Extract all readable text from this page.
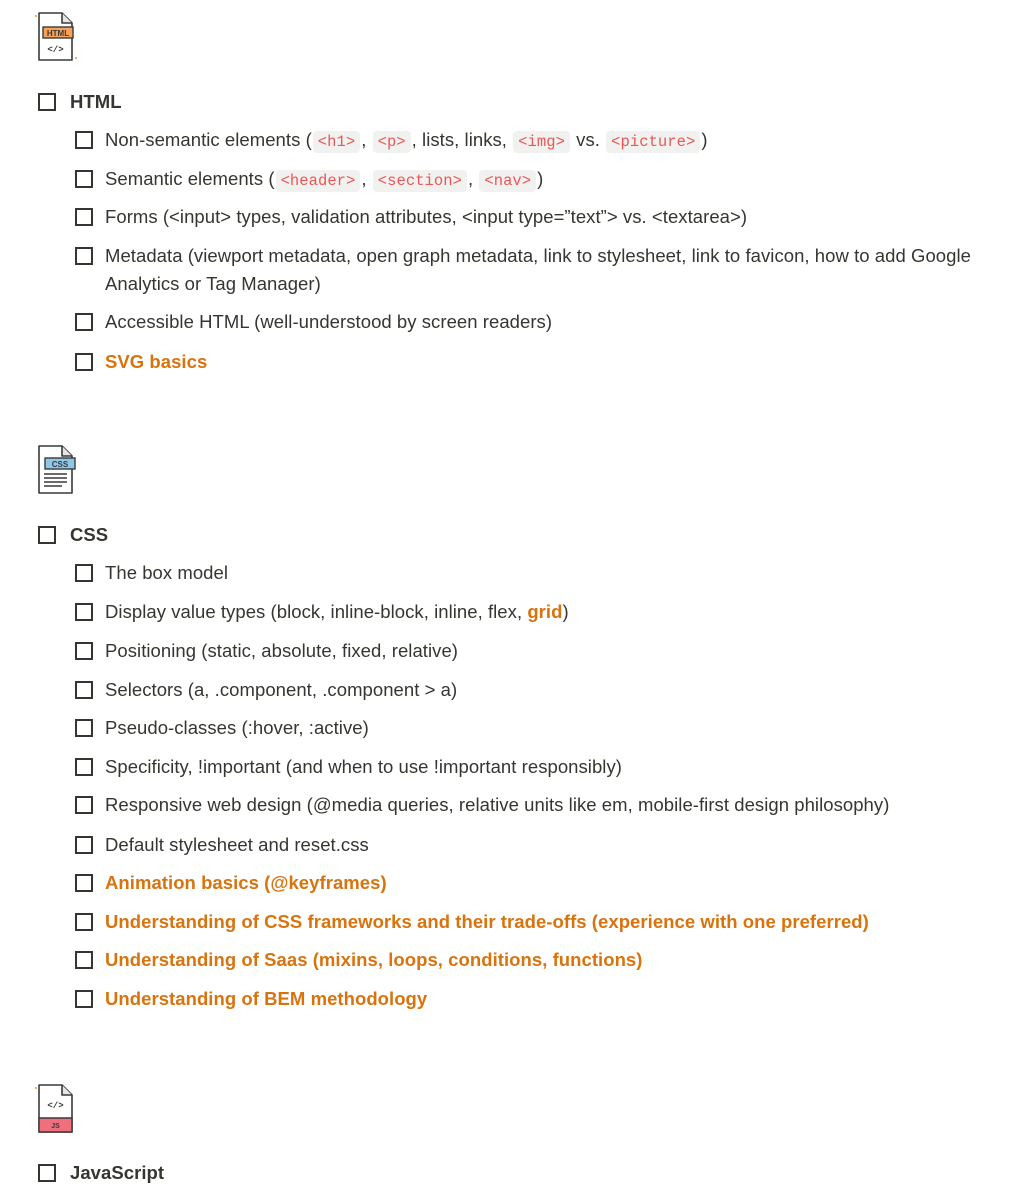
HTML
</>
HTML
Non-semantic elements ( <h1> , <p> , lists, links, <img> vs. <picture> )
Semantic elements ( <header> , <section> , <nav> )
Forms (<input> types, validation attributes, <input type=”text”> vs. <textarea>)
Metadata (viewport metadata, open graph metadata, link to stylesheet, link to favicon, how to add Google Analytics or Tag Manager)
Accessible HTML (well-understood by screen readers)
SVG basics
CSS
CSS
The box model
Display value types (block, inline-block, inline, flex, grid)
Positioning (static, absolute, fixed, relative)
Selectors (a, .component, .component > a)
Pseudo-classes (:hover, :active)
Specificity, !important (and when to use !important responsibly)
Responsive web design (@media queries, relative units like em, mobile-first design philosophy)
Default stylesheet and reset.css
Animation basics (@keyframes)
Understanding of CSS frameworks and their trade-offs (experience with one preferred)
Understanding of Saas (mixins, loops, conditions, functions)
Understanding of BEM methodology
</>
JS
JavaScript
